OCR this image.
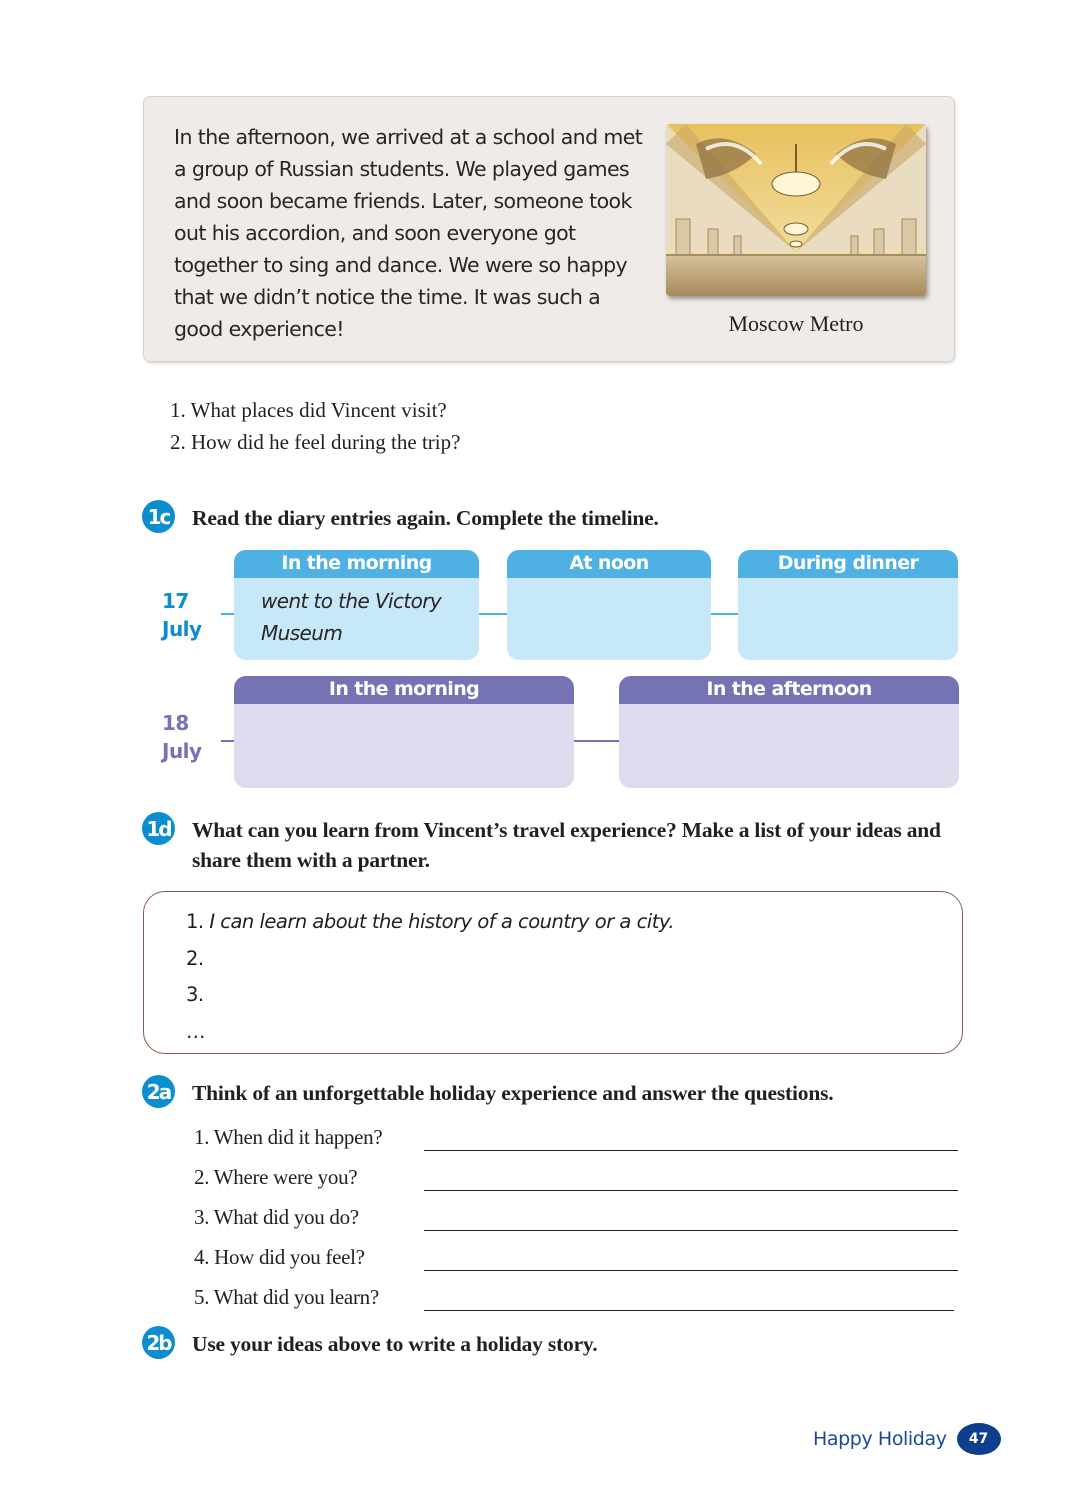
In the afternoon, we arrived at a school and met a group of Russian students. We played games and soon became friends. Later, someone took out his accordion, and soon everyone got together to sing and dance. We were so happy that we didn’t notice the time. It was such a good experience!	Moscow Metro
1. What places did Vincent visit?
2. How did he feel during the trip?
1c Read the diary entries again. Complete the timeline.
17
July
In the morning
went to the Victory Museum
At noon	During dinner
18
July
In the morning	In the afternoon
1d What can you learn from Vincent’s travel experience? Make a list of your ideas and share them with a partner.
1. I can learn about the history of a country or a city.
2.
3.
…
2a Think of an unforgettable holiday experience and answer the questions.
1. When did it happen?
2. Where were you?
3. What did you do?
4. How did you feel?
5. What did you learn?
2b Use your ideas above to write a holiday story.
Happy Holiday	47
